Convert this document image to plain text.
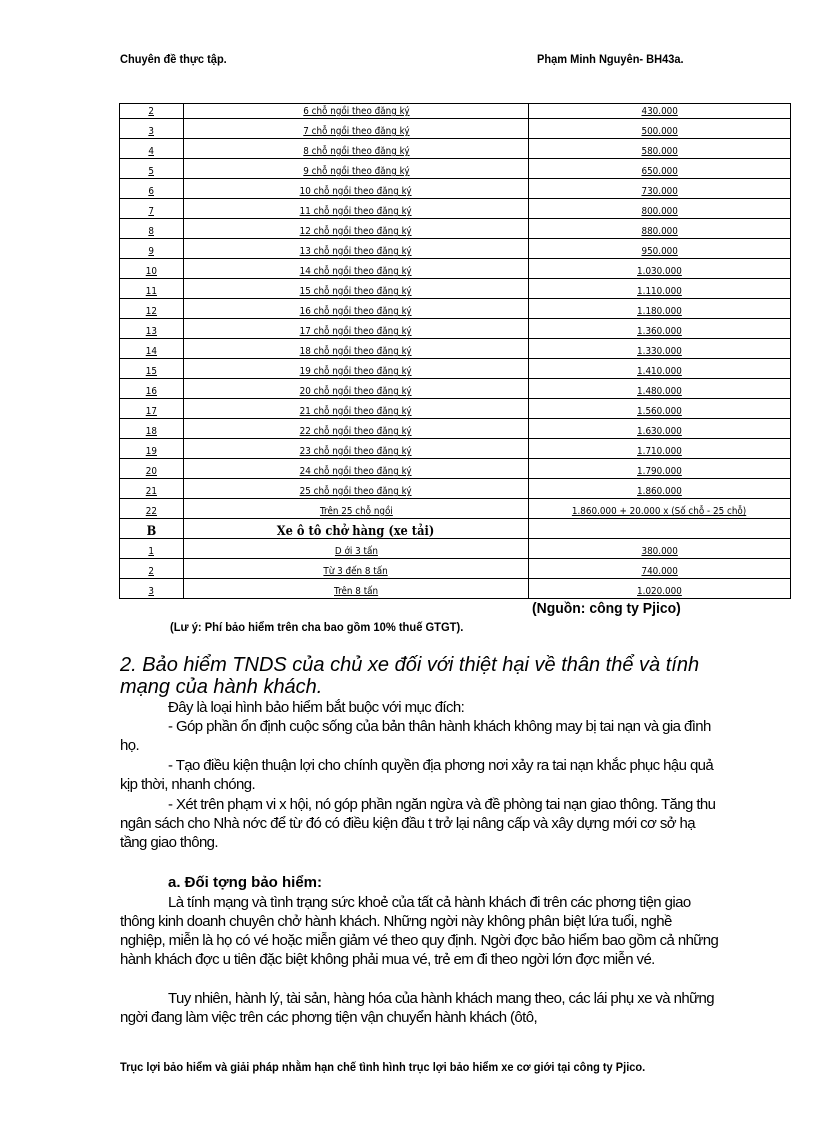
Chuyên đề thực tập.	Phạm Minh Nguyên- BH43a.
2	6 chỗ ngồi theo đăng ký	430.000
3	7 chỗ ngồi theo đăng ký	500.000
4	8 chỗ ngồi theo đăng ký	580.000
5	9 chỗ ngồi theo đăng ký	650.000
6	10 chỗ ngồi theo đăng ký	730.000
7	11 chỗ ngồi theo đăng ký	800.000
8	12 chỗ ngồi theo đăng ký	880.000
9	13 chỗ ngồi theo đăng ký	950.000
10	14 chỗ ngồi theo đăng ký	1.030.000
11	15 chỗ ngồi theo đăng ký	1.110.000
12	16 chỗ ngồi theo đăng ký	1.180.000
13	17 chỗ ngồi theo đăng ký	1.360.000
14	18 chỗ ngồi theo đăng ký	1.330.000
15	19 chỗ ngồi theo đăng ký	1.410.000
16	20 chỗ ngồi theo đăng ký	1.480.000
17	21 chỗ ngồi theo đăng ký	1.560.000
18	22 chỗ ngồi theo đăng ký	1.630.000
19	23 chỗ ngồi theo đăng ký	1.710.000
20	24 chỗ ngồi theo đăng ký	1.790.000
21	25 chỗ ngồi theo đăng ký	1.860.000
22	Trên 25 chỗ ngồi	1.860.000 + 20.000 x (Số chỗ - 25 chỗ)
B	Xe ô tô chở hàng (xe tải)	
1	D ới 3 tấn	380.000
2	Từ 3 đến 8 tấn	740.000
3	Trên 8 tấn	1.020.000
(Nguồn: công ty Pjico)
(Lư ý: Phí bảo hiểm trên cha bao gồm 10% thuế GTGT).
2. Bảo hiểm TNDS của chủ xe đối với thiệt hại về thân thể và tính mạng của hành khách.
Đây là loại hình bảo hiểm bắt buộc với mục đích:
- Góp phần ổn định cuộc sống của bản thân hành khách không may bị tai nạn và gia đình họ.
- Tạo điều kiện thuận lợi cho chính quyền địa phơng nơi xảy ra tai nạn khắc phục hậu quả kịp thời, nhanh chóng.
- Xét trên phạm vi x hội, nó góp phần ngăn ngừa và đề phòng tai nạn giao thông. Tăng thu ngân sách cho Nhà nớc để từ đó có điều kiện đầu t trở lại nâng cấp và xây dựng mới cơ sở hạ tầng giao thông.
a. Đối tợng bảo hiểm:
Là tính mạng và tình trạng sức khoẻ của tất cả hành khách đi trên các phơng tiện giao thông kinh doanh chuyên chở hành khách. Những ngời này không phân biệt lứa tuổi, nghề nghiệp, miễn là họ có vé hoặc miễn giảm vé theo quy định. Ngời đợc bảo hiểm bao gồm cả những hành khách đợc u tiên đặc biệt không phải mua vé, trẻ em đi theo ngời lớn đợc miễn vé.
Tuy nhiên, hành lý, tài sản, hàng hóa của hành khách mang theo, các lái phụ xe và những ngời đang làm việc trên các phơng tiện vận chuyển hành khách (ôtô,
Trục lợi bảo hiểm và giải pháp nhằm hạn chế tình hình trục lợi bảo hiểm xe cơ giới tại công ty Pjico.
